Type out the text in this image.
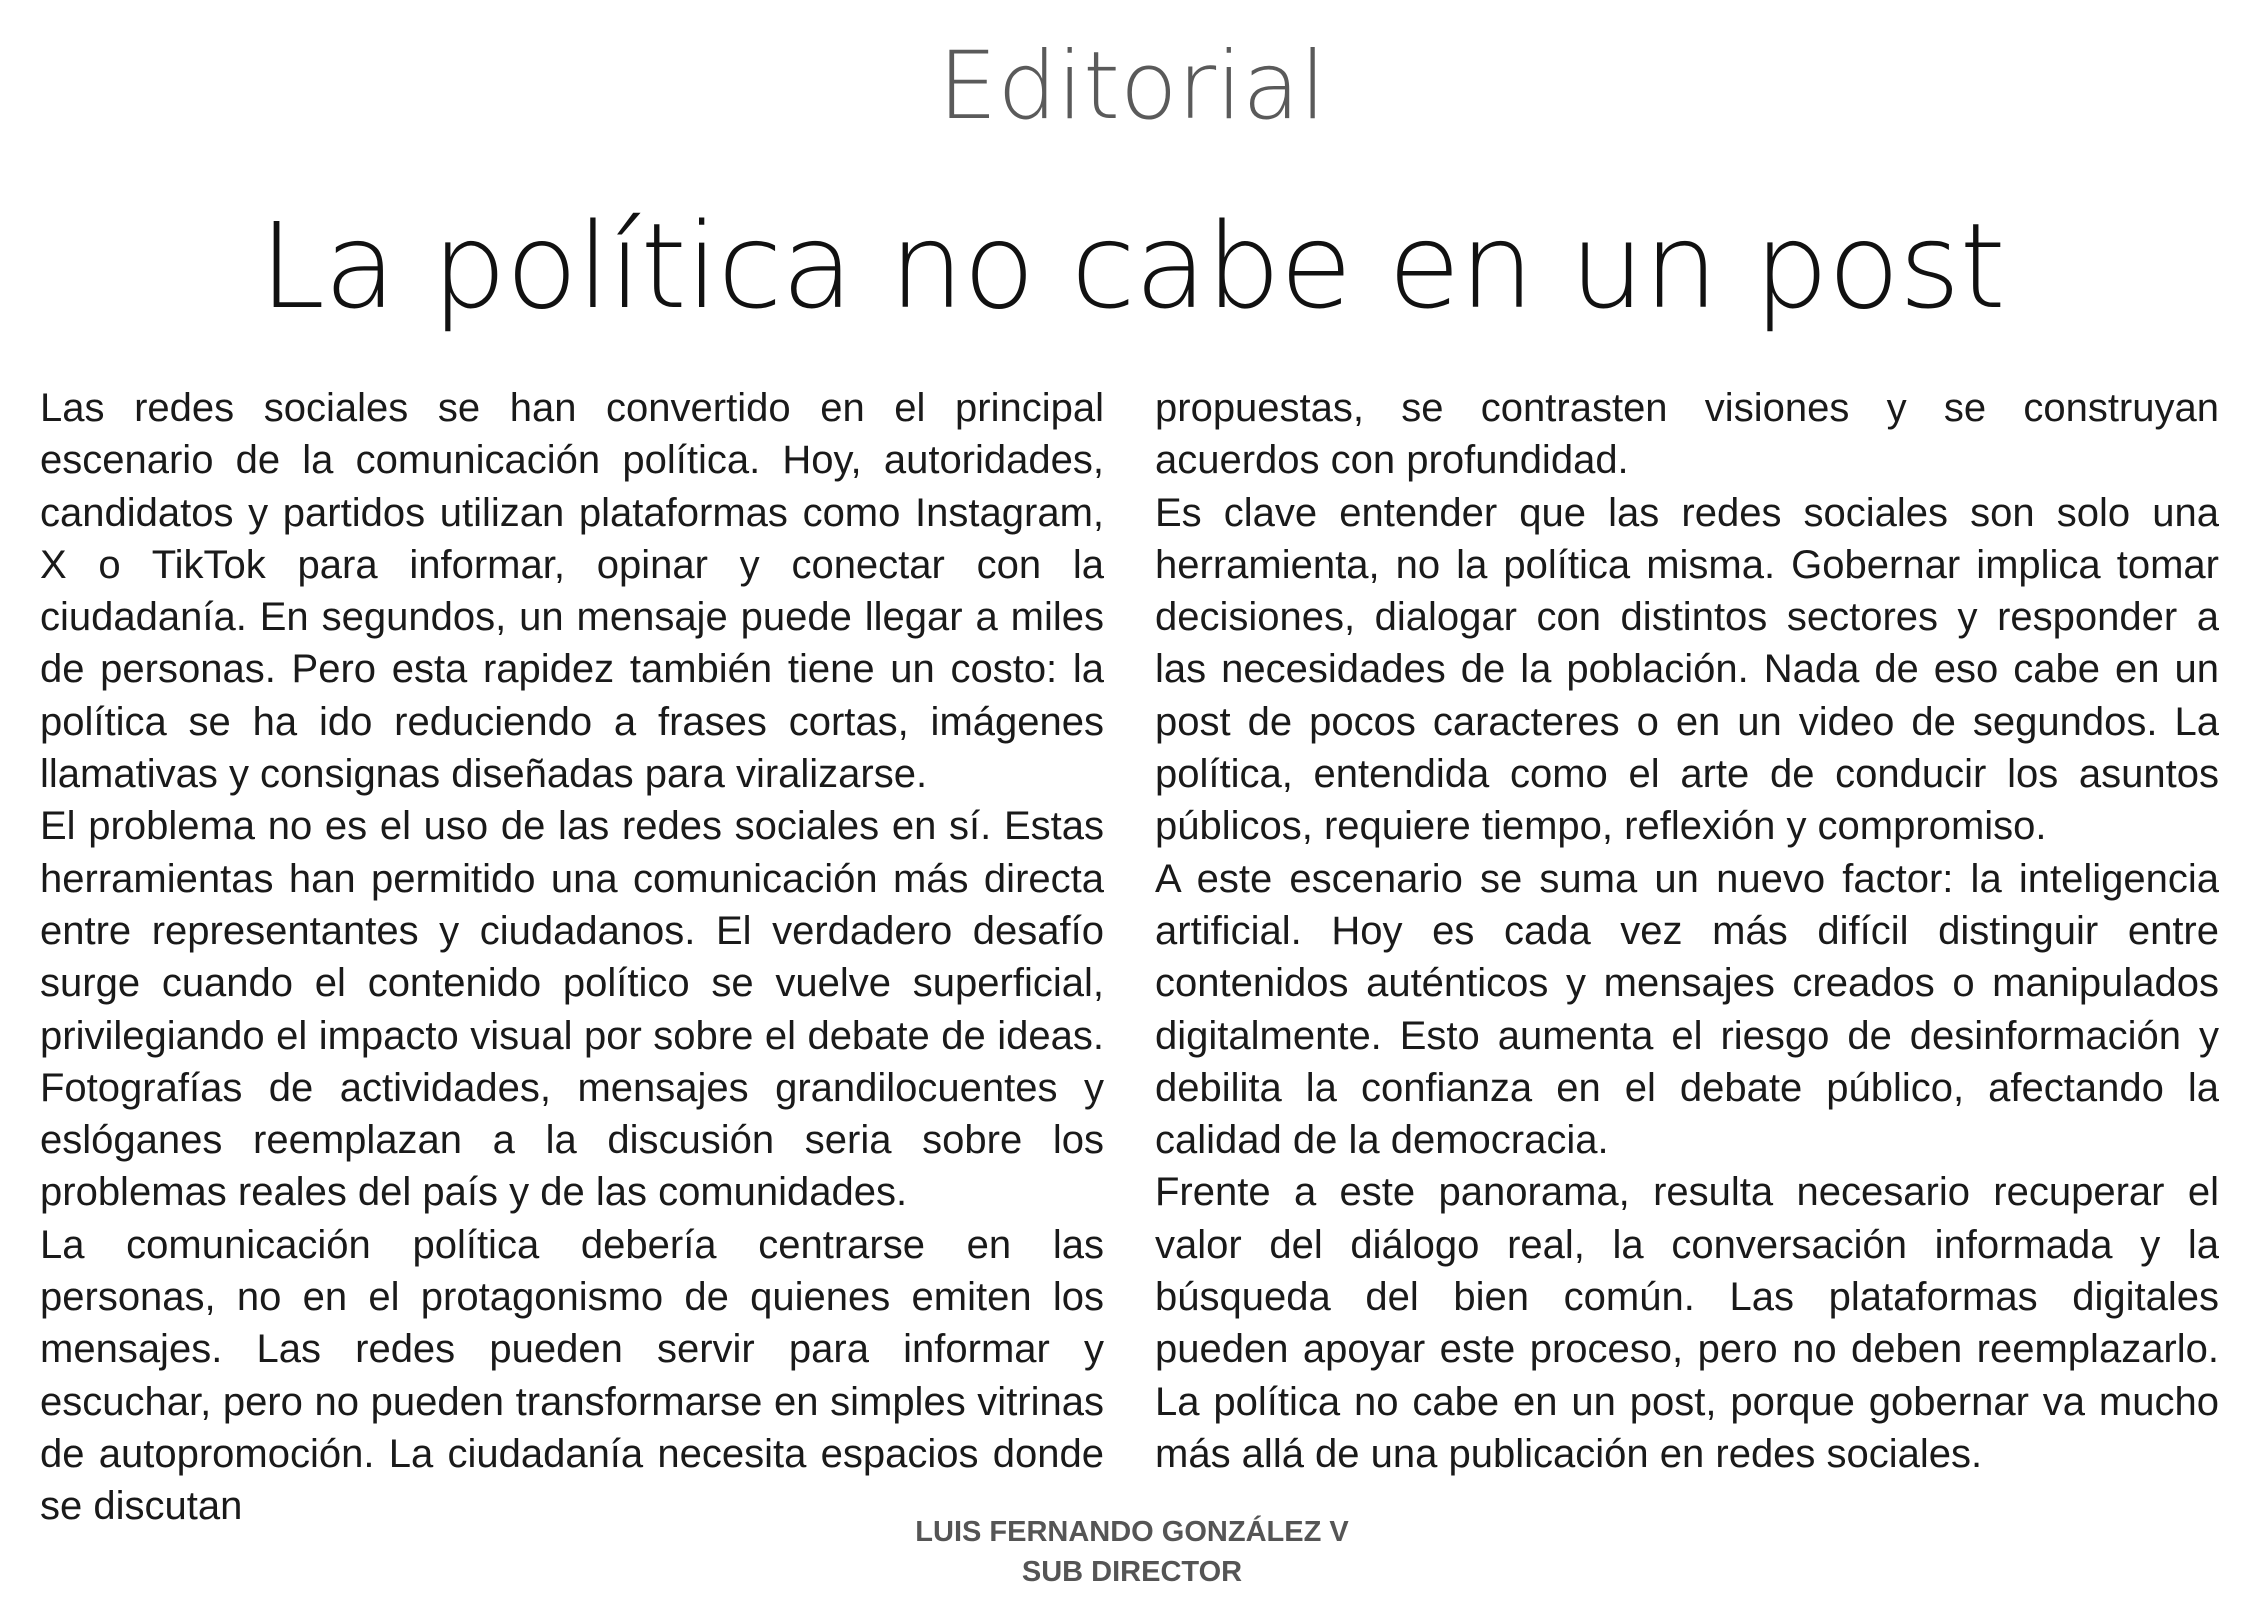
Editorial
La política no cabe en un post

Las redes sociales se han convertido en el principal escenario de la comunicación política. Hoy, autoridades, candidatos y partidos utilizan plataformas como Instagram, X o TikTok para informar, opinar y conectar con la ciudadanía. En segundos, un mensaje puede llegar a miles de personas. Pero esta rapidez también tiene un costo: la política se ha ido reduciendo a frases cortas, imágenes llamativas y consignas diseñadas para viralizarse.

El problema no es el uso de las redes sociales en sí. Estas herramientas han permitido una comunicación más directa entre representantes y ciudadanos. El verdadero desafío surge cuando el contenido político se vuelve superficial, privilegiando el impacto visual por sobre el debate de ideas. Fotografías de actividades, mensajes grandilocuentes y eslóganes reemplazan a la discusión seria sobre los problemas reales del país y de las comunidades.

La comunicación política debería centrarse en las personas, no en el protagonismo de quienes emiten los mensajes. Las redes pueden servir para informar y escuchar, pero no pueden transformarse en simples vitrinas de autopromoción. La ciudadanía necesita espacios donde se discutan

propuestas, se contrasten visiones y se construyan acuerdos con profundidad.

Es clave entender que las redes sociales son solo una herramienta, no la política misma. Gobernar implica tomar decisiones, dialogar con distintos sectores y responder a las necesidades de la población. Nada de eso cabe en un post de pocos caracteres o en un video de segundos. La política, entendida como el arte de conducir los asuntos públicos, requiere tiempo, reflexión y compromiso.

A este escenario se suma un nuevo factor: la inteligencia artificial. Hoy es cada vez más difícil distinguir entre contenidos auténticos y mensajes creados o manipulados digitalmente. Esto aumenta el riesgo de desinformación y debilita la confianza en el debate público, afectando la calidad de la democracia.

Frente a este panorama, resulta necesario recuperar el valor del diálogo real, la conversación informada y la búsqueda del bien común. Las plataformas digitales pueden apoyar este proceso, pero no deben reemplazarlo. La política no cabe en un post, porque gobernar va mucho más allá de una publicación en redes sociales.

LUIS FERNANDO GONZÁLEZ V
SUB DIRECTOR
